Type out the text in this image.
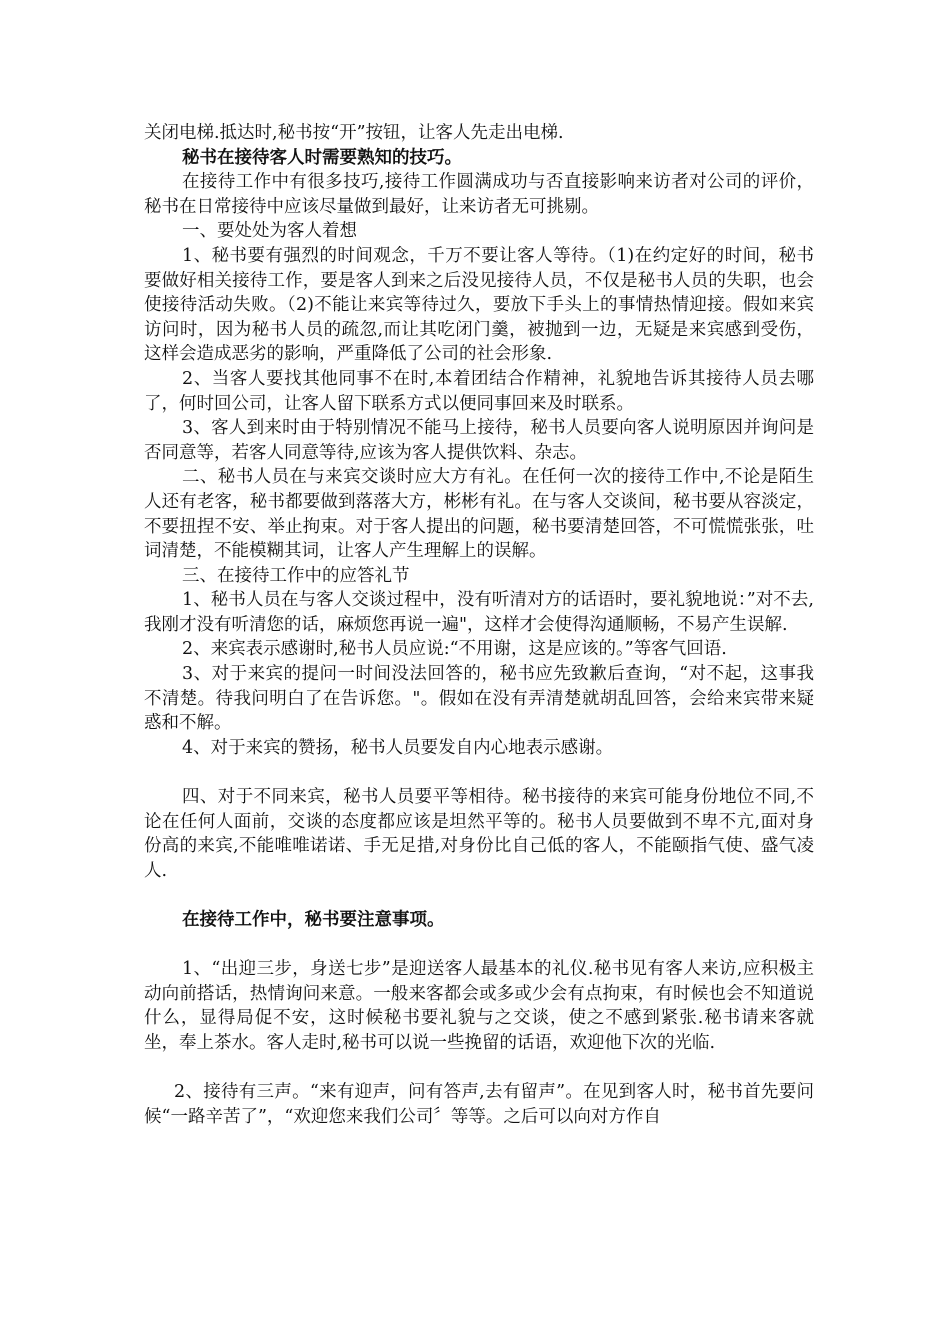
关闭电梯.抵达时,秘书按“开”按钮，让客人先走出电梯.

秘书在接待客人时需要熟知的技巧。

在接待工作中有很多技巧,接待工作圆满成功与否直接影响来访者对公司的评价，秘书在日常接待中应该尽量做到最好，让来访者无可挑剔。

一、要处处为客人着想

1、秘书要有强烈的时间观念，千万不要让客人等待。（1)在约定好的时间，秘书要做好相关接待工作，要是客人到来之后没见接待人员，不仅是秘书人员的失职，也会使接待活动失败。（2)不能让来宾等待过久，要放下手头上的事情热情迎接。假如来宾访问时，因为秘书人员的疏忽,而让其吃闭门羹，被抛到一边，无疑是来宾感到受伤，这样会造成恶劣的影响，严重降低了公司的社会形象.

2、当客人要找其他同事不在时,本着团结合作精神，礼貌地告诉其接待人员去哪了，何时回公司，让客人留下联系方式以便同事回来及时联系。

3、客人到来时由于特别情况不能马上接待，秘书人员要向客人说明原因并询问是否同意等，若客人同意等待,应该为客人提供饮料、杂志。

二、秘书人员在与来宾交谈时应大方有礼。在任何一次的接待工作中,不论是陌生人还有老客，秘书都要做到落落大方，彬彬有礼。在与客人交谈间，秘书要从容淡定，不要扭捏不安、举止拘束。对于客人提出的问题，秘书要清楚回答，不可慌慌张张，吐词清楚，不能模糊其词，让客人产生理解上的误解。

三、在接待工作中的应答礼节

1、秘书人员在与客人交谈过程中，没有听清对方的话语时，要礼貌地说：”对不去,我刚才没有听清您的话，麻烦您再说一遍"，这样才会使得沟通顺畅，不易产生误解.

2、来宾表示感谢时,秘书人员应说:“不用谢，这是应该的。”等客气回语.

3、对于来宾的提问一时间没法回答的，秘书应先致歉后查询，“对不起，这事我不清楚。待我问明白了在告诉您。"。假如在没有弄清楚就胡乱回答，会给来宾带来疑惑和不解。

4、对于来宾的赞扬，秘书人员要发自内心地表示感谢。

四、对于不同来宾，秘书人员要平等相待。秘书接待的来宾可能身份地位不同,不论在任何人面前，交谈的态度都应该是坦然平等的。秘书人员要做到不卑不亢,面对身份高的来宾,不能唯唯诺诺、手无足措,对身份比自己低的客人，不能颐指气使、盛气凌人.

在接待工作中，秘书要注意事项。

1、“出迎三步，身送七步”是迎送客人最基本的礼仪.秘书见有客人来访,应积极主动向前搭话，热情询问来意。一般来客都会或多或少会有点拘束，有时候也会不知道说什么，显得局促不安，这时候秘书要礼貌与之交谈，使之不感到紧张.秘书请来客就坐，奉上茶水。客人走时,秘书可以说一些挽留的话语，欢迎他下次的光临.

2、接待有三声。“来有迎声，问有答声,去有留声”。在见到客人时，秘书首先要问候“一路辛苦了”，“欢迎您来我们公司〞等等。之后可以向对方作自
